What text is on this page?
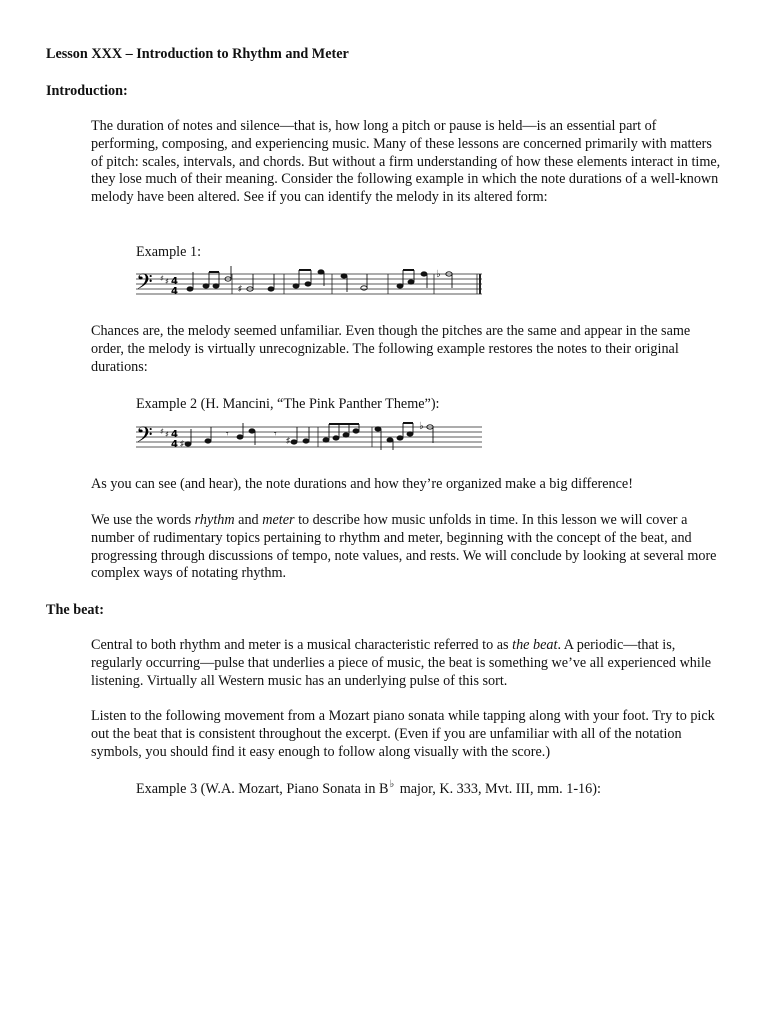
Lesson XXX – Introduction to Rhythm and Meter
Introduction:
The duration of notes and silence—that is, how long a pitch or pause is held—is an essential part of performing, composing, and experiencing music. Many of these lessons are concerned primarily with matters of pitch: scales, intervals, and chords. But without a firm understanding of how these elements interact in time, they lose much of their meaning. Consider the following example in which the note durations of a well-known melody have been altered. See if you can identify the melody in its altered form:
Example 1:
𝄢 ♯ ♯ 4
4	♯
♭
Chances are, the melody seemed unfamiliar. Even though the pitches are the same and appear in the same order, the melody is virtually unrecognizable. The following example restores the notes to their original durations:
Example 2 (H. Mancini, “The Pink Panther Theme”):
𝄢 ♯ ♯ 4
4 ♯
𝄾	𝄾
♯
♭
As you can see (and hear), the note durations and how they’re organized make a big difference!
We use the words rhythm and meter to describe how music unfolds in time. In this lesson we will cover a number of rudimentary topics pertaining to rhythm and meter, beginning with the concept of the beat, and progressing through discussions of tempo, note values, and rests. We will conclude by looking at several more complex ways of notating rhythm.
The beat:
Central to both rhythm and meter is a musical characteristic referred to as the beat. A periodic—that is, regularly occurring—pulse that underlies a piece of music, the beat is something we’ve all experienced while listening. Virtually all Western music has an underlying pulse of this sort.
Listen to the following movement from a Mozart piano sonata while tapping along with your foot. Try to pick out the beat that is consistent throughout the excerpt. (Even if you are unfamiliar with all of the notation symbols, you should find it easy enough to follow along visually with the score.)
Example 3 (W.A. Mozart, Piano Sonata in B♭ major, K. 333, Mvt. III, mm. 1-16):
